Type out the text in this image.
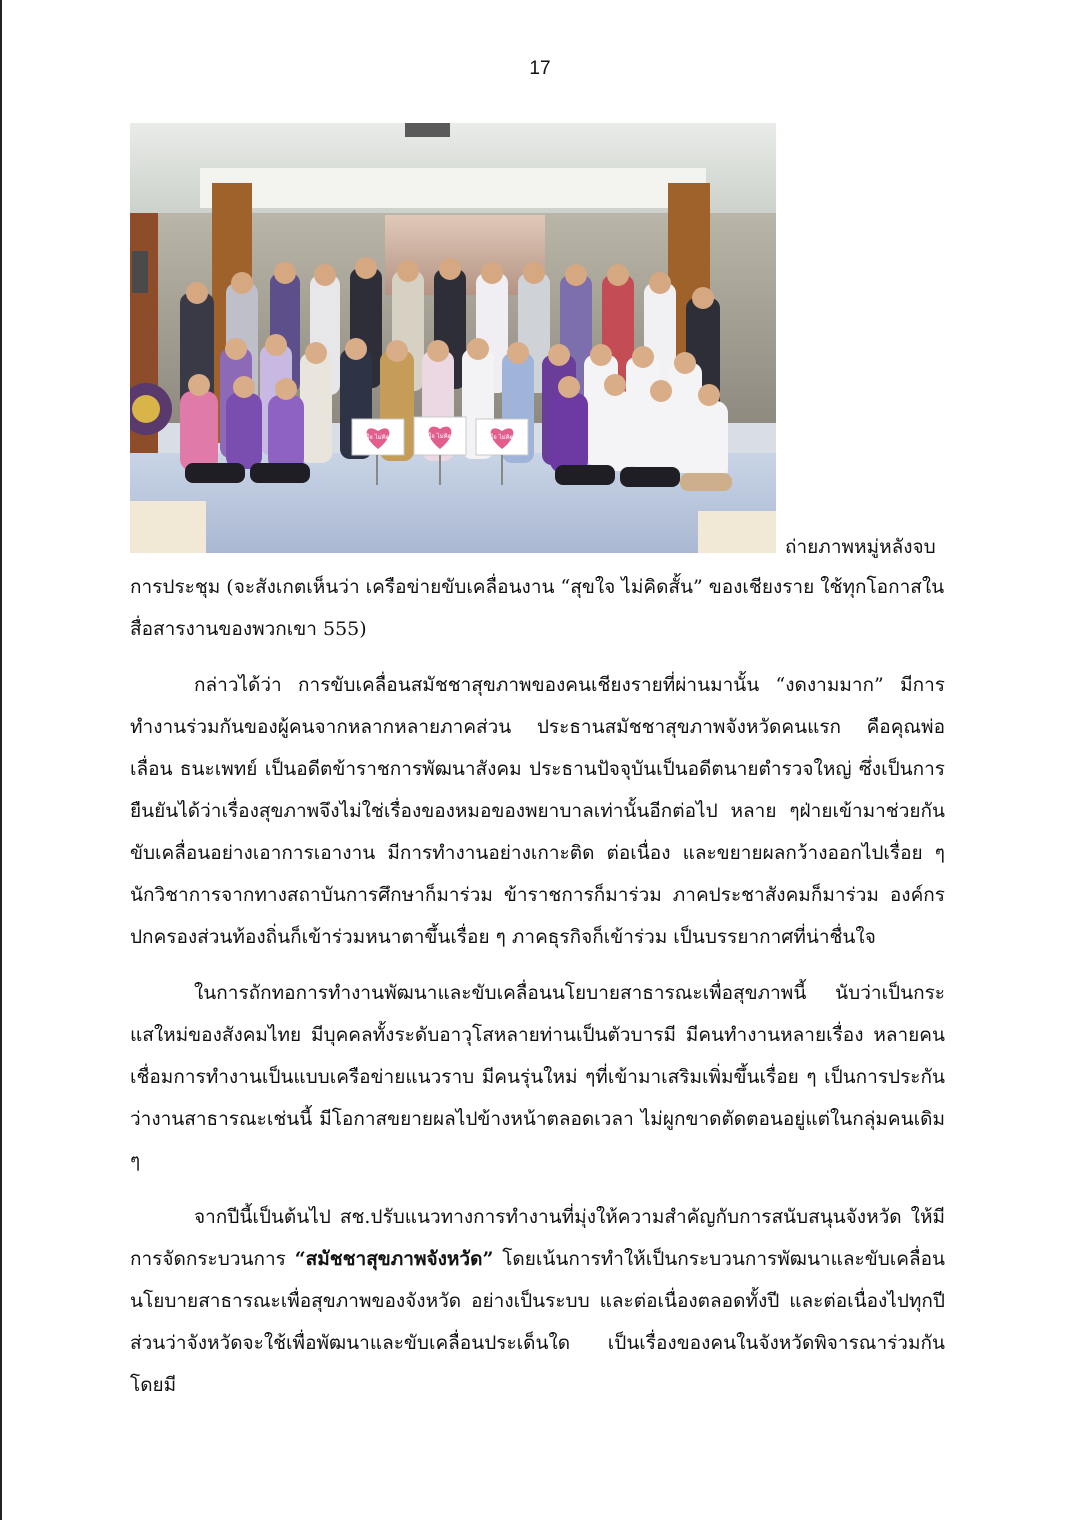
17
สุขใจ ไม่คิดสั้น	สุขใจ ไม่คิดสั้น	สุขใจ ไม่คิดสั้น
ถ่ายภาพหมู่หลังจบ

การประชุม (จะสังเกตเห็นว่า เครือข่ายขับเคลื่อนงาน “สุขใจ ไม่คิดสั้น” ของเชียงราย ใช้ทุกโอกาสใน สื่อสารงานของพวกเขา 555)

กล่าวได้ว่า การขับเคลื่อนสมัชชาสุขภาพของคนเชียงรายที่ผ่านมานั้น “งดงามมาก” มีการทำงานร่วมกันของผู้คนจากหลากหลายภาคส่วน ประธานสมัชชาสุขภาพจังหวัดคนแรก คือคุณพ่อเลื่อน ธนะเพทย์ เป็นอดีตข้าราชการพัฒนาสังคม ประธานปัจจุบันเป็นอดีตนายตำรวจใหญ่ ซึ่งเป็นการยืนยันได้ว่าเรื่องสุขภาพจึงไม่ใช่เรื่องของหมอของพยาบาลเท่านั้นอีกต่อไป หลาย ๆฝ่ายเข้ามาช่วยกันขับเคลื่อนอย่างเอาการเอางาน มีการทำงานอย่างเกาะติด ต่อเนื่อง และขยายผลกว้างออกไปเรื่อย ๆ นักวิชาการจากทางสถาบันการศึกษาก็มาร่วม ข้าราชการก็มาร่วม ภาคประชาสังคมก็มาร่วม องค์กรปกครองส่วนท้องถิ่นก็เข้าร่วมหนาตาขึ้นเรื่อย ๆ ภาคธุรกิจก็เข้าร่วม เป็นบรรยากาศที่น่าชื่นใจ

ในการถักทอการทำงานพัฒนาและขับเคลื่อนนโยบายสาธารณะเพื่อสุขภาพนี้ นับว่าเป็นกระแสใหม่ของสังคมไทย มีบุคคลทั้งระดับอาวุโสหลายท่านเป็นตัวบารมี มีคนทำงานหลายเรื่อง หลายคน เชื่อมการทำงานเป็นแบบเครือข่ายแนวราบ มีคนรุ่นใหม่ ๆที่เข้ามาเสริมเพิ่มขึ้นเรื่อย ๆ เป็นการประกันว่างานสาธารณะเช่นนี้ มีโอกาสขยายผลไปข้างหน้าตลอดเวลา ไม่ผูกขาดตัดตอนอยู่แต่ในกลุ่มคนเดิม ๆ

จากปีนี้เป็นต้นไป สช.ปรับแนวทางการทำงานที่มุ่งให้ความสำคัญกับการสนับสนุนจังหวัด ให้มีการจัดกระบวนการ “สมัชชาสุขภาพจังหวัด” โดยเน้นการทำให้เป็นกระบวนการพัฒนาและขับเคลื่อนนโยบายสาธารณะเพื่อสุขภาพของจังหวัด อย่างเป็นระบบ และต่อเนื่องตลอดทั้งปี และต่อเนื่องไปทุกปี ส่วนว่าจังหวัดจะใช้เพื่อพัฒนาและขับเคลื่อนประเด็นใด เป็นเรื่องของคนในจังหวัดพิจารณาร่วมกัน โดยมี
